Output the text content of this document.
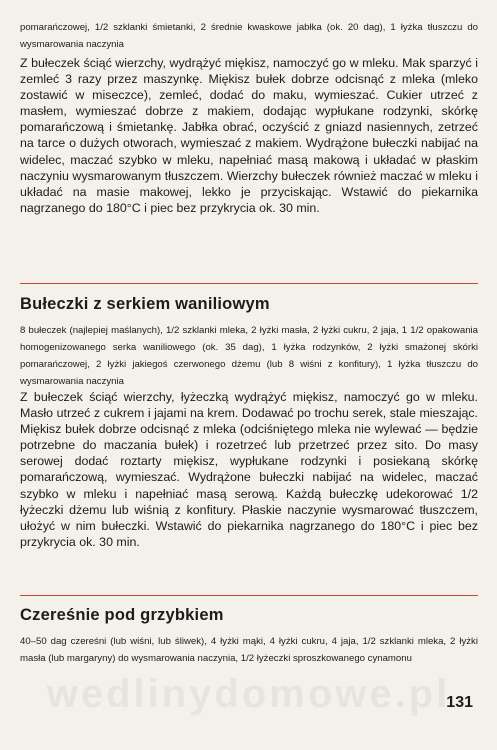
pomarańczowej, 1/2 szklanki śmietanki, 2 średnie kwaskowe jabłka (ok. 20 dag), 1 łyżka tłuszczu do wysmarowania naczynia

Z bułeczek ściąć wierzchy, wydrążyć miękisz, namoczyć go w mleku. Mak sparzyć i zemleć 3 razy przez maszynkę. Miękisz bułek dobrze odcisnąć z mleka (mleko zostawić w miseczce), zemleć, dodać do maku, wymieszać. Cukier utrzeć z masłem, wymieszać dobrze z makiem, dodając wypłukane rodzynki, skórkę pomarańczową i śmietankę. Jabłka obrać, oczyścić z gniazd nasiennych, zetrzeć na tarce o dużych otworach, wymieszać z makiem. Wydrążone bułeczki nabijać na widelec, maczać szybko w mleku, napełniać masą makową i układać w płaskim naczyniu wysmarowanym tłuszczem. Wierzchy bułeczek również maczać w mleku i układać na masie makowej, lekko je przyciskając. Wstawić do piekarnika nagrzanego do 180°C i piec bez przykrycia ok. 30 min.

Bułeczki z serkiem waniliowym

8 bułeczek (najlepiej maślanych), 1/2 szklanki mleka, 2 łyżki masła, 2 łyżki cukru, 2 jaja, 1 1/2 opakowania homogenizowanego serka waniliowego (ok. 35 dag), 1 łyżka rodzynków, 2 łyżki smażonej skórki pomarańczowej, 2 łyżki jakiegoś czerwonego dżemu (lub 8 wiśni z konfitury), 1 łyżka tłuszczu do wysmarowania naczynia

Z bułeczek ściąć wierzchy, łyżeczką wydrążyć miękisz, namoczyć go w mleku. Masło utrzeć z cukrem i jajami na krem. Dodawać po trochu serek, stale mieszając. Miękisz bułek dobrze odcisnąć z mleka (odciśniętego mleka nie wylewać — będzie potrzebne do maczania bułek) i rozetrzeć lub przetrzeć przez sito. Do masy serowej dodać roztarty miękisz, wypłukane rodzynki i posiekaną skórkę pomarańczową, wymieszać. Wydrążone bułeczki nabijać na widelec, maczać szybko w mleku i napełniać masą serową. Każdą bułeczkę udekorować 1/2 łyżeczki dżemu lub wiśnią z konfitury. Płaskie naczynie wysmarować tłuszczem, ułożyć w nim bułeczki. Wstawić do piekarnika nagrzanego do 180°C i piec bez przykrycia ok. 30 min.

Czereśnie pod grzybkiem

40–50 dag czereśni (lub wiśni, lub śliwek), 4 łyżki mąki, 4 łyżki cukru, 4 jaja, 1/2 szklanki mleka, 2 łyżki masła (lub margaryny) do wysmarowania naczynia, 1/2 łyżeczki sproszkowanego cynamonu

wedlinydomowe.pl

131
